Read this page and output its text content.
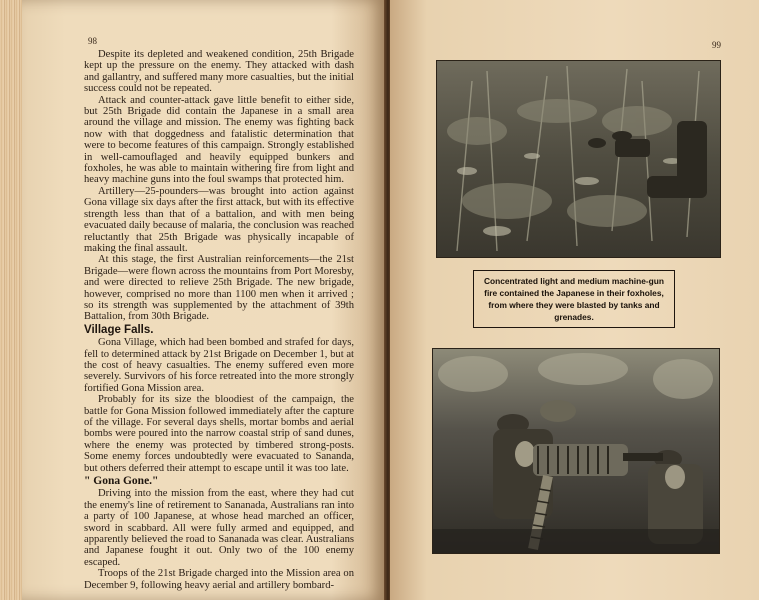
98	99

Despite its depleted and weakened condition, 25th Brigade kept up the pressure on the enemy. They attacked with dash and gallantry, and suffered many more casualties, but the initial success could not be repeated.

Attack and counter-attack gave little benefit to either side, but 25th Brigade did contain the Japanese in a small area around the village and mission. The enemy was fighting back now with that doggedness and fatalistic determination that were to become features of this campaign. Strongly established in well-camouflaged and heavily equipped bunkers and foxholes, he was able to maintain withering fire from light and heavy machine guns into the foul swamps that protected him.

Artillery—25-pounders—was brought into action against Gona village six days after the first attack, but with its effective strength less than that of a battalion, and with men being evacuated daily because of malaria, the conclusion was reached reluctantly that 25th Brigade was physically incapable of making the final assault.

At this stage, the first Australian reinforcements—the 21st Brigade—were flown across the mountains from Port Moresby, and were directed to relieve 25th Brigade. The new brigade, however, comprised no more than 1100 men when it arrived ; so its strength was supplemented by the attachment of 39th Battalion, from 30th Brigade.

Village Falls.

Gona Village, which had been bombed and strafed for days, fell to determined attack by 21st Brigade on December 1, but at the cost of heavy casualties. The enemy suffered even more severely. Survivors of his force retreated into the more strongly fortified Gona Mission area.

Probably for its size the bloodiest of the campaign, the battle for Gona Mission followed immediately after the capture of the village. For several days shells, mortar bombs and aerial bombs were poured into the narrow coastal strip of sand dunes, where the enemy was protected by timbered strong-posts. Some enemy forces undoubtedly were evacuated to Sananda, but others deferred their attempt to escape until it was too late.

" Gona Gone."

Driving into the mission from the east, where they had cut the enemy's line of retirement to Sananada, Australians ran into a party of 100 Japanese, at whose head marched an officer, sword in scabbard. All were fully armed and equipped, and apparently believed the road to Sananada was clear. Australians and Japanese fought it out. Only two of the 100 enemy escaped.

Troops of the 21st Brigade charged into the Mission area on December 9, following heavy aerial and artillery bombard-

Concentrated light and medium machine-gun fire contained the Japanese in their foxholes, from where they were blasted by tanks and grenades.
